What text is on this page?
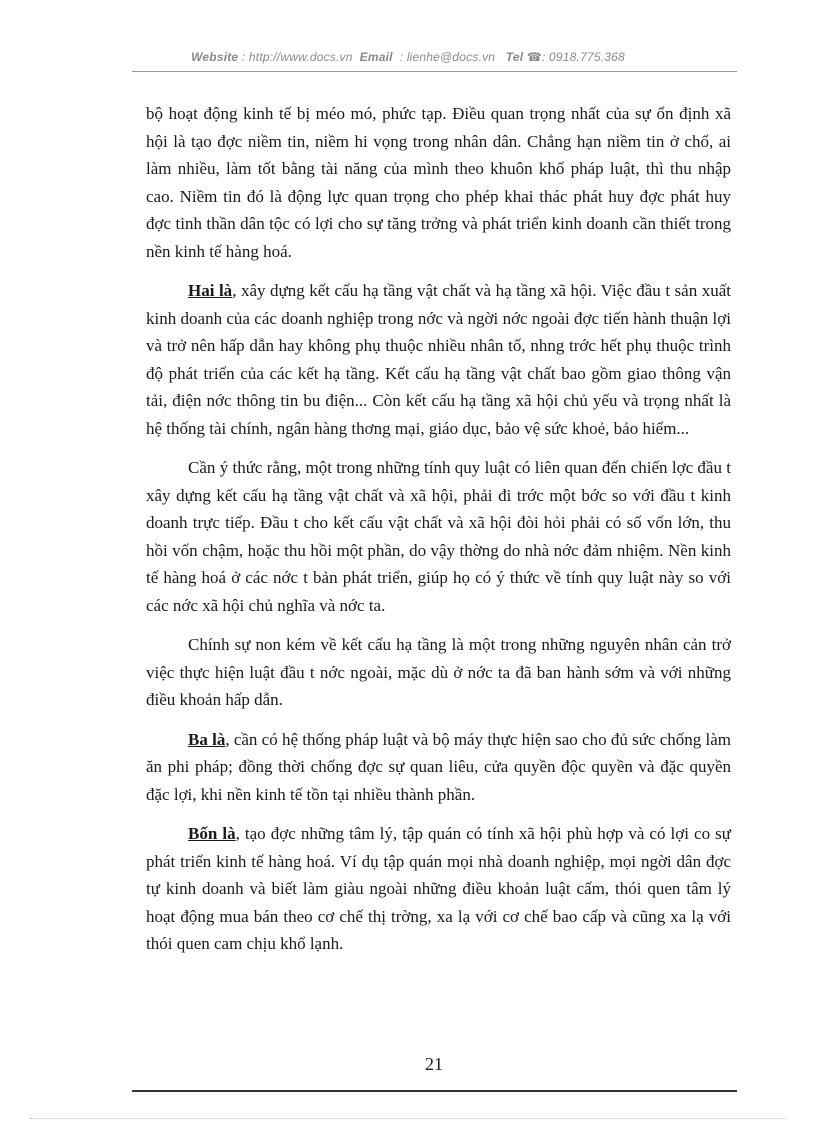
Website : http://www.docs.vn Email : lienhe@docs.vn Tel ☎: 0918.775.368

bộ hoạt động kinh tế bị méo mó, phức tạp. Điều quan trọng nhất của sự ổn định xã hội là tạo đợc niềm tin, niềm hi vọng trong nhân dân. Chẳng hạn niềm tin ở chổ, ai làm nhiều, làm tốt bằng tài năng của mình theo khuôn khổ pháp luật, thì thu nhập cao. Niềm tin đó là động lực quan trọng cho phép khai thác phát huy đợc phát huy đợc tinh thần dân tộc có lợi cho sự tăng trởng và phát triển kinh doanh cần thiết trong nền kinh tế hàng hoá.

Hai là, xây dựng kết cấu hạ tầng vật chất và hạ tầng xã hội. Việc đầu t sản xuất kinh doanh của các doanh nghiệp trong nớc và ngời nớc ngoài đợc tiến hành thuận lợi và trở nên hấp dẫn hay không phụ thuộc nhiều nhân tố, nhng trớc hết phụ thuộc trình độ phát triển của các kết hạ tầng. Kết cấu hạ tầng vật chất bao gồm giao thông vận tải, điện nớc thông tin bu điện... Còn kết cấu hạ tầng xã hội chủ yếu và trọng nhất là hệ thống tài chính, ngân hàng thơng mại, giáo dục, bảo vệ sức khoẻ, bảo hiểm...

Cần ý thức rằng, một trong những tính quy luật có liên quan đến chiến lợc đầu t xây dựng kết cấu hạ tầng vật chất và xã hội, phải đi trớc một bớc so với đầu t kinh doanh trực tiếp. Đầu t cho kết cấu vật chất và xã hội đòi hỏi phải có số vốn lớn, thu hồi vốn chậm, hoặc thu hồi một phần, do vậy thờng do nhà nớc đảm nhiệm. Nền kinh tế hàng hoá ở các nớc t bản phát triển, giúp họ có ý thức về tính quy luật này so với các nớc xã hội chủ nghĩa và nớc ta.

Chính sự non kém về kết cấu hạ tầng là một trong những nguyên nhân cản trở việc thực hiện luật đầu t nớc ngoài, mặc dù ở nớc ta đã ban hành sớm và với những điều khoản hấp dẫn.

Ba là, cần có hệ thống pháp luật và bộ máy thực hiện sao cho đủ sức chống làm ăn phi pháp; đồng thời chống đợc sự quan liêu, cửa quyền độc quyền và đặc quyền đặc lợi, khi nền kinh tế tồn tại nhiều thành phần.

Bốn là, tạo đợc những tâm lý, tập quán có tính xã hội phù hợp và có lợi co sự phát triển kinh tế hàng hoá. Ví dụ tập quán mọi nhà doanh nghiệp, mọi ngời dân đợc tự kinh doanh và biết làm giàu ngoài những điều khoản luật cấm, thói quen tâm lý hoạt động mua bán theo cơ chế thị trờng, xa lạ với cơ chế bao cấp và cũng xa lạ với thói quen cam chịu khổ lạnh.

21
